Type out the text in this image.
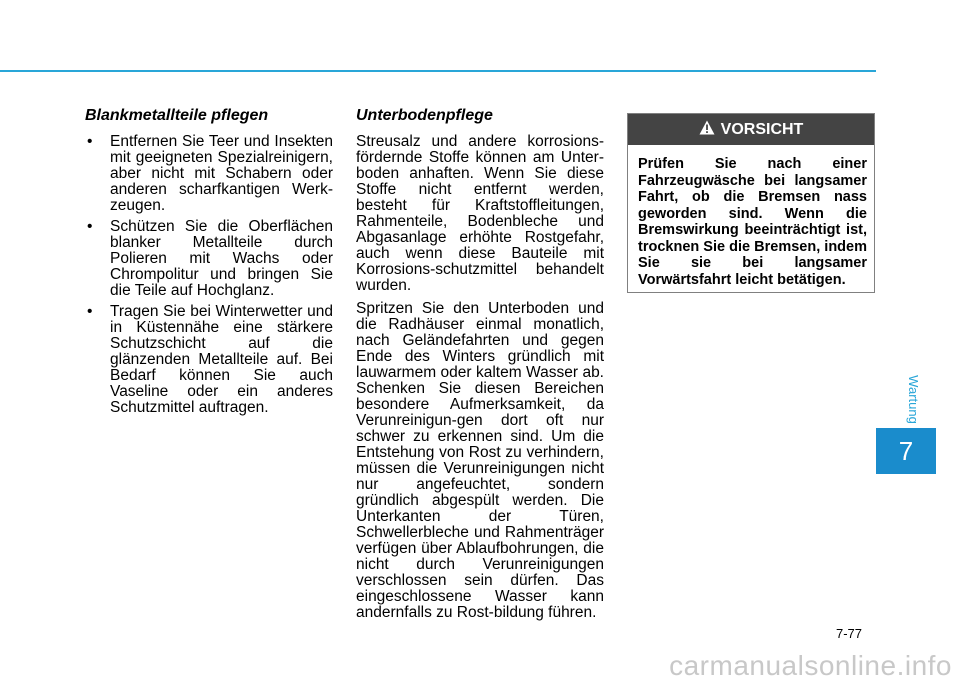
Blankmetallteile pflegen
• Entfernen Sie Teer und Insekten mit geeigneten Spezialreinigern, aber nicht mit Schabern oder anderen scharfkantigen Werk-zeugen.
• Schützen Sie die Oberflächen blanker Metallteile durch Polieren mit Wachs oder Chrompolitur und bringen Sie die Teile auf Hochglanz.
• Tragen Sie bei Winterwetter und in Küstennähe eine stärkere Schutzschicht auf die glänzenden Metallteile auf. Bei Bedarf können Sie auch Vaseline oder ein anderes Schutzmittel auftragen.
Unterbodenpflege

Streusalz und andere korrosions-fördernde Stoffe können am Unter-boden anhaften. Wenn Sie diese Stoffe nicht entfernt werden, besteht für Kraftstoffleitungen, Rahmenteile, Bodenbleche und Abgasanlage erhöhte Rostgefahr, auch wenn diese Bauteile mit Korrosions-schutzmittel behandelt wurden.

Spritzen Sie den Unterboden und die Radhäuser einmal monatlich, nach Geländefahrten und gegen Ende des Winters gründlich mit lauwarmem oder kaltem Wasser ab. Schenken Sie diesen Bereichen besondere Aufmerksamkeit, da Verunreinigun-gen dort oft nur schwer zu erkennen sind. Um die Entstehung von Rost zu verhindern, müssen die Verunreinigungen nicht nur angefeuchtet, sondern gründlich abgespült werden. Die Unterkanten der Türen, Schwellerbleche und Rahmenträger verfügen über Ablaufbohrungen, die nicht durch Verunreinigungen verschlossen sein dürfen. Das eingeschlossene Wasser kann andernfalls zu Rost-bildung führen.

VORSICHT
Prüfen Sie nach einer Fahrzeugwäsche bei langsamer Fahrt, ob die Bremsen nass geworden sind. Wenn die Bremswirkung beeinträchtigt ist, trocknen Sie die Bremsen, indem Sie sie bei langsamer Vorwärtsfahrt leicht betätigen.
Wartung
7
7-77
carmanualsonline.info
